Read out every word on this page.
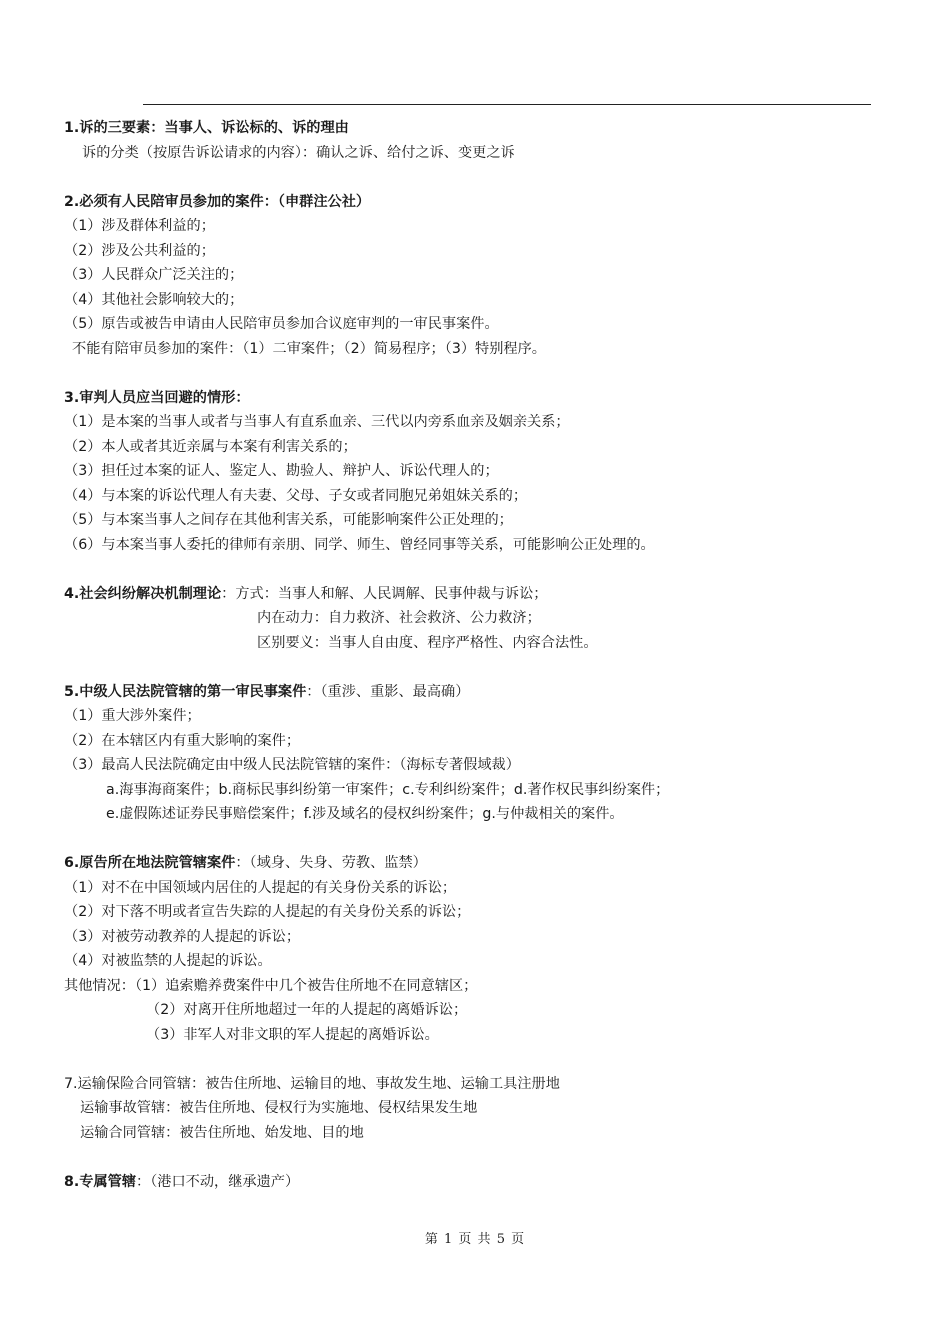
1.诉的三要素：当事人、诉讼标的、诉的理由
诉的分类（按原告诉讼请求的内容）：确认之诉、给付之诉、变更之诉
2.必须有人民陪审员参加的案件：（申群注公社）
（1）涉及群体利益的；
（2）涉及公共利益的；
（3）人民群众广泛关注的；
（4）其他社会影响较大的；
（5）原告或被告申请由人民陪审员参加合议庭审判的一审民事案件。
不能有陪审员参加的案件：（1）二审案件；（2）简易程序；（3）特别程序。
3.审判人员应当回避的情形：
（1）是本案的当事人或者与当事人有直系血亲、三代以内旁系血亲及姻亲关系；
（2）本人或者其近亲属与本案有利害关系的；
（3）担任过本案的证人、鉴定人、勘验人、辩护人、诉讼代理人的；
（4）与本案的诉讼代理人有夫妻、父母、子女或者同胞兄弟姐妹关系的；
（5）与本案当事人之间存在其他利害关系，可能影响案件公正处理的；
（6）与本案当事人委托的律师有亲朋、同学、师生、曾经同事等关系，可能影响公正处理的。
4.社会纠纷解决机制理论：方式：当事人和解、人民调解、民事仲裁与诉讼；
内在动力：自力救济、社会救济、公力救济；
区别要义：当事人自由度、程序严格性、内容合法性。
5.中级人民法院管辖的第一审民事案件：（重涉、重影、最高确）
（1）重大涉外案件；
（2）在本辖区内有重大影响的案件；
（3）最高人民法院确定由中级人民法院管辖的案件：（海标专著假域裁）
a.海事海商案件；b.商标民事纠纷第一审案件；c.专利纠纷案件；d.著作权民事纠纷案件；
e.虚假陈述证券民事赔偿案件；f.涉及域名的侵权纠纷案件；g.与仲裁相关的案件。
6.原告所在地法院管辖案件：（域身、失身、劳教、监禁）
（1）对不在中国领域内居住的人提起的有关身份关系的诉讼；
（2）对下落不明或者宣告失踪的人提起的有关身份关系的诉讼；
（3）对被劳动教养的人提起的诉讼；
（4）对被监禁的人提起的诉讼。
其他情况：（1）追索赡养费案件中几个被告住所地不在同意辖区；
（2）对离开住所地超过一年的人提起的离婚诉讼；
（3）非军人对非文职的军人提起的离婚诉讼。
7.运输保险合同管辖：被告住所地、运输目的地、事故发生地、运输工具注册地
运输事故管辖：被告住所地、侵权行为实施地、侵权结果发生地
运输合同管辖：被告住所地、始发地、目的地
8.专属管辖：（港口不动，继承遗产）
第 1 页 共 5 页
